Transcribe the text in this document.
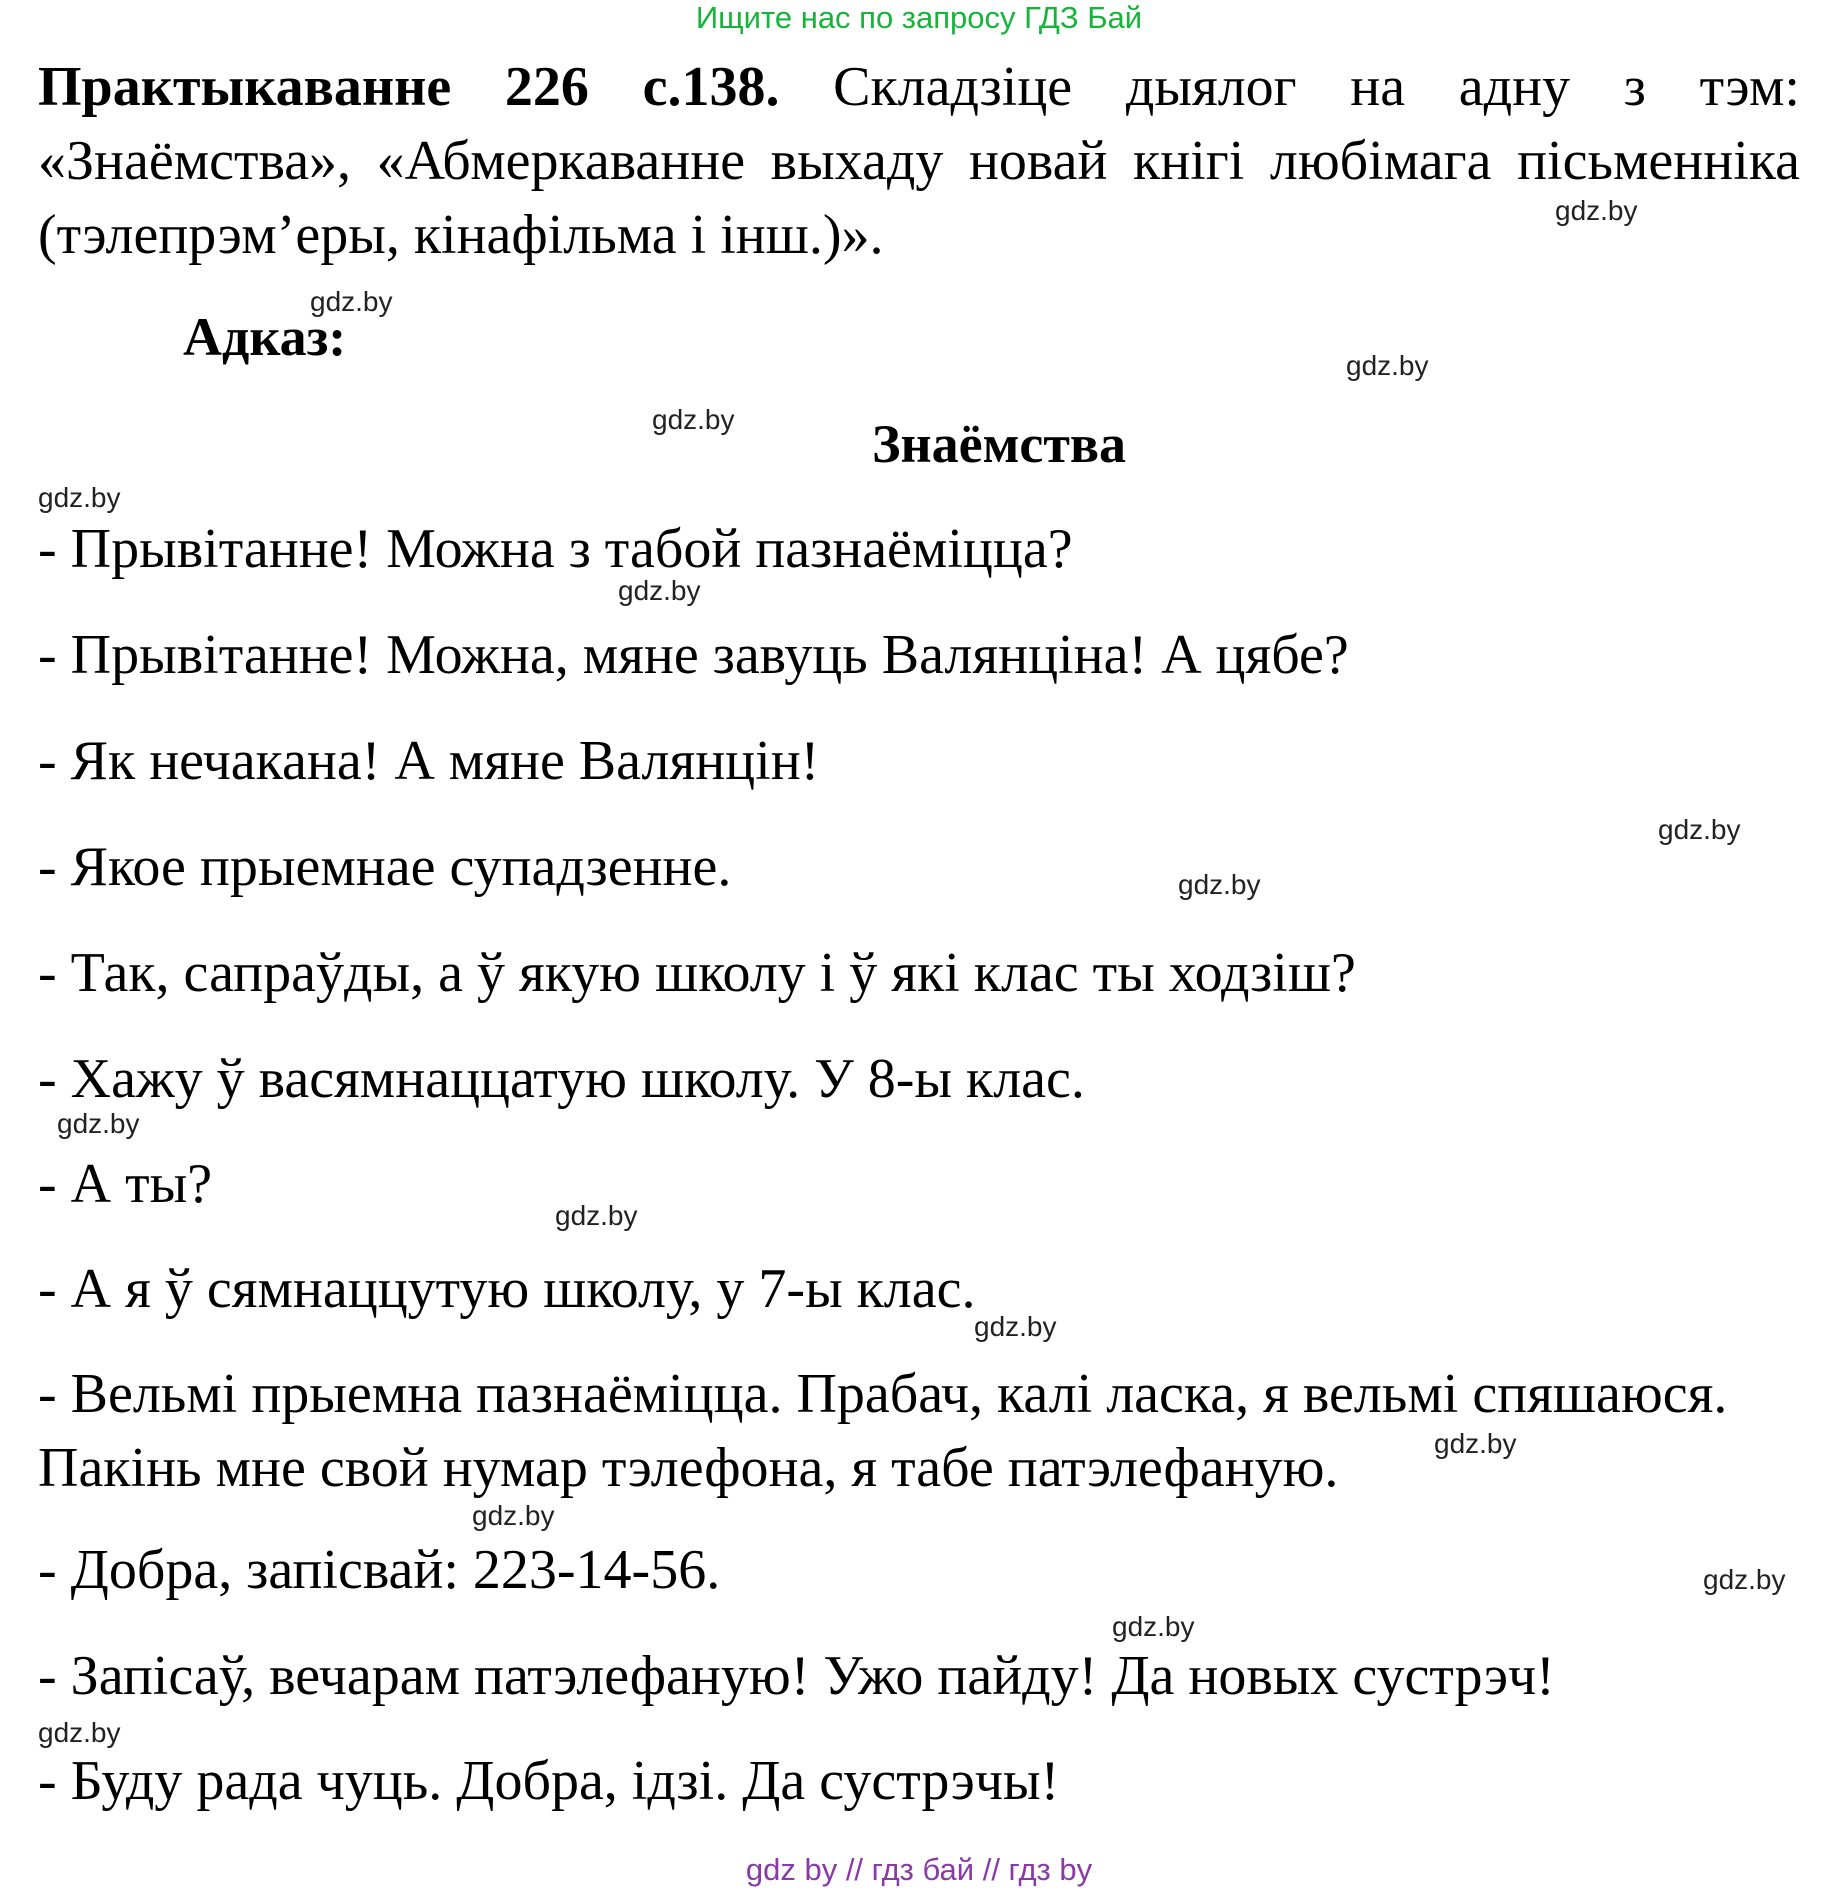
Ищите нас по запросу ГДЗ Бай
Практыкаванне 226 с.138. Складзіце дыялог на адну з тэм: «Знаёмства», «Абмеркаванне выхаду новай кнігі любімага пісьменніка (тэлепрэм’еры, кінафільма і інш.)».
Адказ:
Знаёмства
- Прывітанне! Можна з табой пазнаёміцца?
- Прывітанне! Можна, мяне завуць Валянціна! А цябе?
- Як нечакана! А мяне Валянцін!
- Якое прыемнае супадзенне.
- Так, сапраўды, а ў якую школу і ў які клас ты ходзіш?
- Хажу ў васямнаццатую школу. У 8-ы клас.
- А ты?
- А я ў сямнаццутую школу, у 7-ы клас.
- Вельмі прыемна пазнаёміцца. Прабач, калі ласка, я вельмі спяшаюся. Пакінь мне свой нумар тэлефона, я табе патэлефаную.
- Добра, запісвай: 223-14-56.
- Запісаў, вечарам патэлефаную! Ужо пайду! Да новых сустрэч!
- Буду рада чуць. Добра, ідзі. Да сустрэчы!
gdz.by
gdz.by
gdz.by
gdz.by
gdz.by
gdz.by
gdz.by
gdz.by
gdz.by
gdz.by
gdz.by
gdz.by
gdz.by
gdz.by
gdz.by
gdz.by
gdz by // гдз бай // гдз by
